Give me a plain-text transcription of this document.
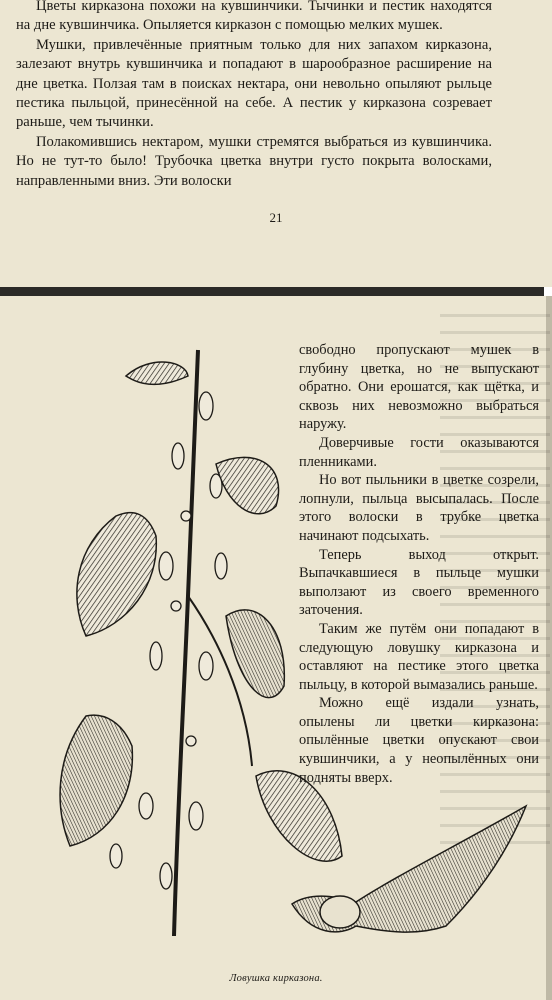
Цветы кирказона похожи на кувшинчики. Тычинки и пестик находятся на дне кувшинчика. Опыляется кирказон с помощью мелких мушек.

Мушки, привлечённые приятным только для них запахом кирказона, залезают внутрь кувшинчика и попадают в шарообразное расширение на дне цветка. Ползая там в поисках нектара, они невольно опыляют рыльце пестика пыльцой, принесённой на себе. А пестик у кирказона созревает раньше, чем тычинки.

Полакомившись нектаром, мушки стремятся выбраться из кувшинчика. Но не тут-то было! Трубочка цветка внутри густо покрыта волосками, направленными вниз. Эти волоски

21

свободно пропускают мушек в глубину цветка, но не выпускают обратно. Они ерошатся, как щётка, и сквозь них невозможно выбраться наружу.

Доверчивые гости оказываются пленниками.

Но вот пыльники в цветке созрели, лопнули, пыльца высыпалась. После этого волоски в трубке цветка начинают подсыхать.

Теперь выход открыт. Выпачкавшиеся в пыльце мушки выползают из своего временного заточения.

Таким же путём они попадают в следующую ловушку кирказона и оставляют на пестике этого цветка пыльцу, в которой вымазались раньше.

Можно ещё издали узнать, опылены ли цветки кирказона: опылённые цветки опускают свои кувшинчики, а у неопылённых они подняты вверх.

Ловушка кирказона.
